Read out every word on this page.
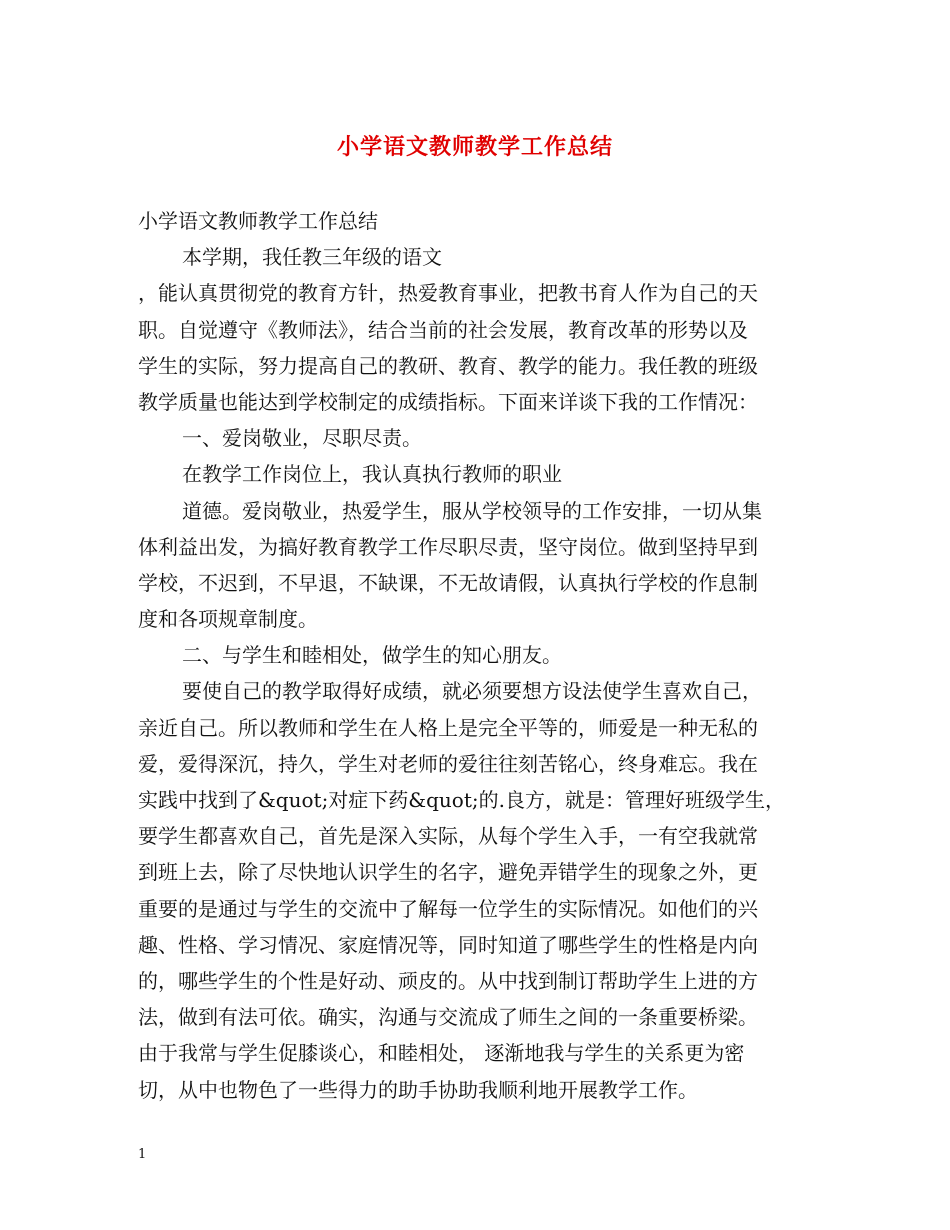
小学语文教师教学工作总结
小学语文教师教学工作总结
本学期，我任教三年级的语文
，能认真贯彻党的教育方针，热爱教育事业，把教书育人作为自己的天
职。自觉遵守《教师法》，结合当前的社会发展，教育改革的形势以及
学生的实际，努力提高自己的教研、教育、教学的能力。我任教的班级
教学质量也能达到学校制定的成绩指标。下面来详谈下我的工作情况：
一、爱岗敬业，尽职尽责。
在教学工作岗位上，我认真执行教师的职业
道德。爱岗敬业，热爱学生，服从学校领导的工作安排，一切从集
体利益出发，为搞好教育教学工作尽职尽责，坚守岗位。做到坚持早到
学校，不迟到，不早退，不缺课，不无故请假，认真执行学校的作息制
度和各项规章制度。
二、与学生和睦相处，做学生的知心朋友。
要使自己的教学取得好成绩，就必须要想方设法使学生喜欢自己，
亲近自己。所以教师和学生在人格上是完全平等的，师爱是一种无私的
爱，爱得深沉，持久，学生对老师的爱往往刻苦铭心，终身难忘。我在
实践中找到了&quot;对症下药&quot;的.良方，就是：管理好班级学生，
要学生都喜欢自己，首先是深入实际，从每个学生入手，一有空我就常
到班上去，除了尽快地认识学生的名字，避免弄错学生的现象之外，更
重要的是通过与学生的交流中了解每一位学生的实际情况。如他们的兴
趣、性格、学习情况、家庭情况等，同时知道了哪些学生的性格是内向
的，哪些学生的个性是好动、顽皮的。从中找到制订帮助学生上进的方
法，做到有法可依。确实，沟通与交流成了师生之间的一条重要桥梁。
由于我常与学生促膝谈心，和睦相处， 逐渐地我与学生的关系更为密
切，从中也物色了一些得力的助手协助我顺利地开展教学工作。
1
